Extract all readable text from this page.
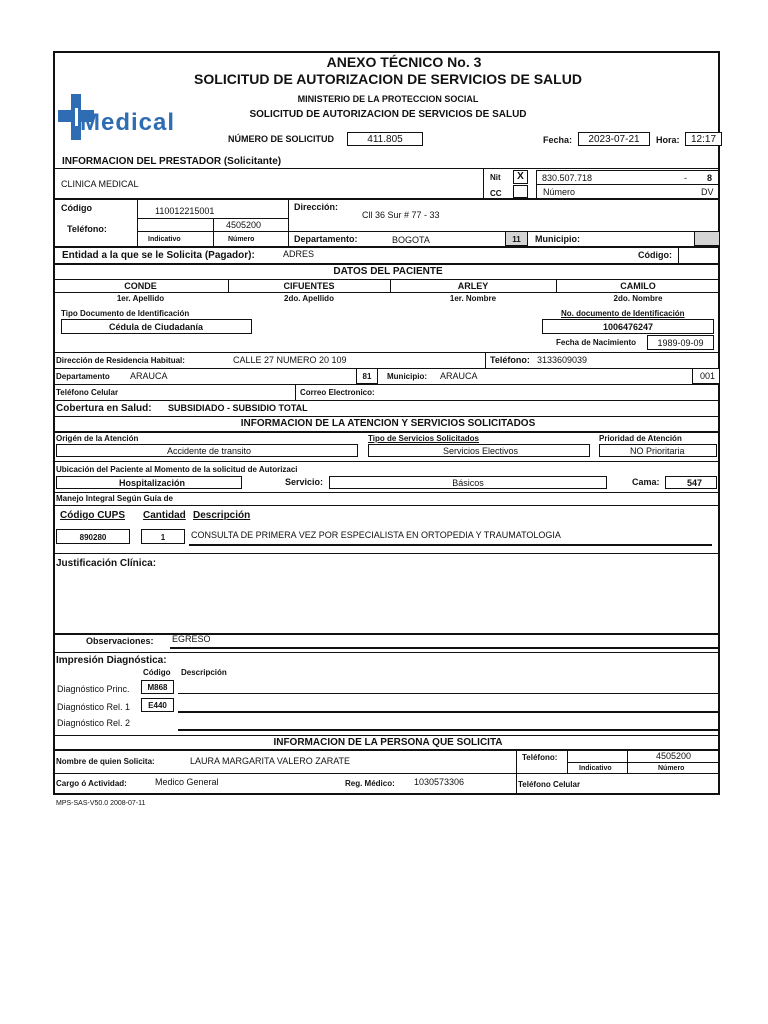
ANEXO TÉCNICO No. 3
SOLICITUD DE AUTORIZACION DE SERVICIOS DE SALUD
MINISTERIO DE LA PROTECCION SOCIAL
SOLICITUD DE AUTORIZACION DE SERVICIOS DE SALUD
Medical
NÚMERO DE SOLICITUD	411.805	Fecha:	2023-07-21	Hora:	12:17
INFORMACION DEL PRESTADOR (Solicitante)
CLINICA MEDICAL
Nit
CC
X	830.507.718	- 8
Número	DV
Código	110012215001	Dirección:
Cll 36 Sur # 77 - 33
Teléfono:	4505200
Indicativo	Número	Departamento:	BOGOTA	11	Municipio:
Entidad a la que se le Solicita (Pagador):	ADRES	Código:
DATOS DEL PACIENTE
CONDE	CIFUENTES	ARLEY	CAMILO
1er. Apellido	2do. Apellido	1er. Nombre	2do. Nombre
Tipo Documento de Identificación
Cédula de Ciudadanía
No. documento de Identificación
1006476247
Fecha de Nacimiento	1989-09-09
Dirección de Residencia Habitual:	CALLE 27 NUMERO 20 109	Teléfono: 3133609039
Departamento ARAUCA	81	Municipio: ARAUCA	001
Teléfono Celular	Correo Electronico:
Cobertura en Salud: SUBSIDIADO - SUBSIDIO TOTAL
INFORMACION DE LA ATENCION Y SERVICIOS SOLICITADOS
Origén de la Atención
Accidente de transito
Tipo de Servicios Solicitados
Servicios Electivos
Prioridad de Atención
NO Prioritaria
Ubicación del Paciente al Momento de la solicitud de Autorizaci
Hospitalización	Servicio:	Básicos	Cama:	547
Manejo Integral Según Guía de
Código CUPS Cantidad Descripción
890280	1	CONSULTA DE PRIMERA VEZ POR ESPECIALISTA EN ORTOPEDIA Y TRAUMATOLOGIA
Justificación Clínica:
Observaciones: EGRESO
Impresión Diagnóstica:
Código Descripción
Diagnóstico Princ.	M868
Diagnóstico Rel. 1	E440
Diagnóstico Rel. 2
INFORMACION DE LA PERSONA QUE SOLICITA
Nombre de quien Solicita:	LAURA MARGARITA VALERO ZARATE	Teléfono:	4505200
Indicativo	Número
Cargo ó Actividad:	Medico General	Reg. Médico: 1030573306	Teléfono Celular
MPS-SAS-V50.0 2008-07-11
